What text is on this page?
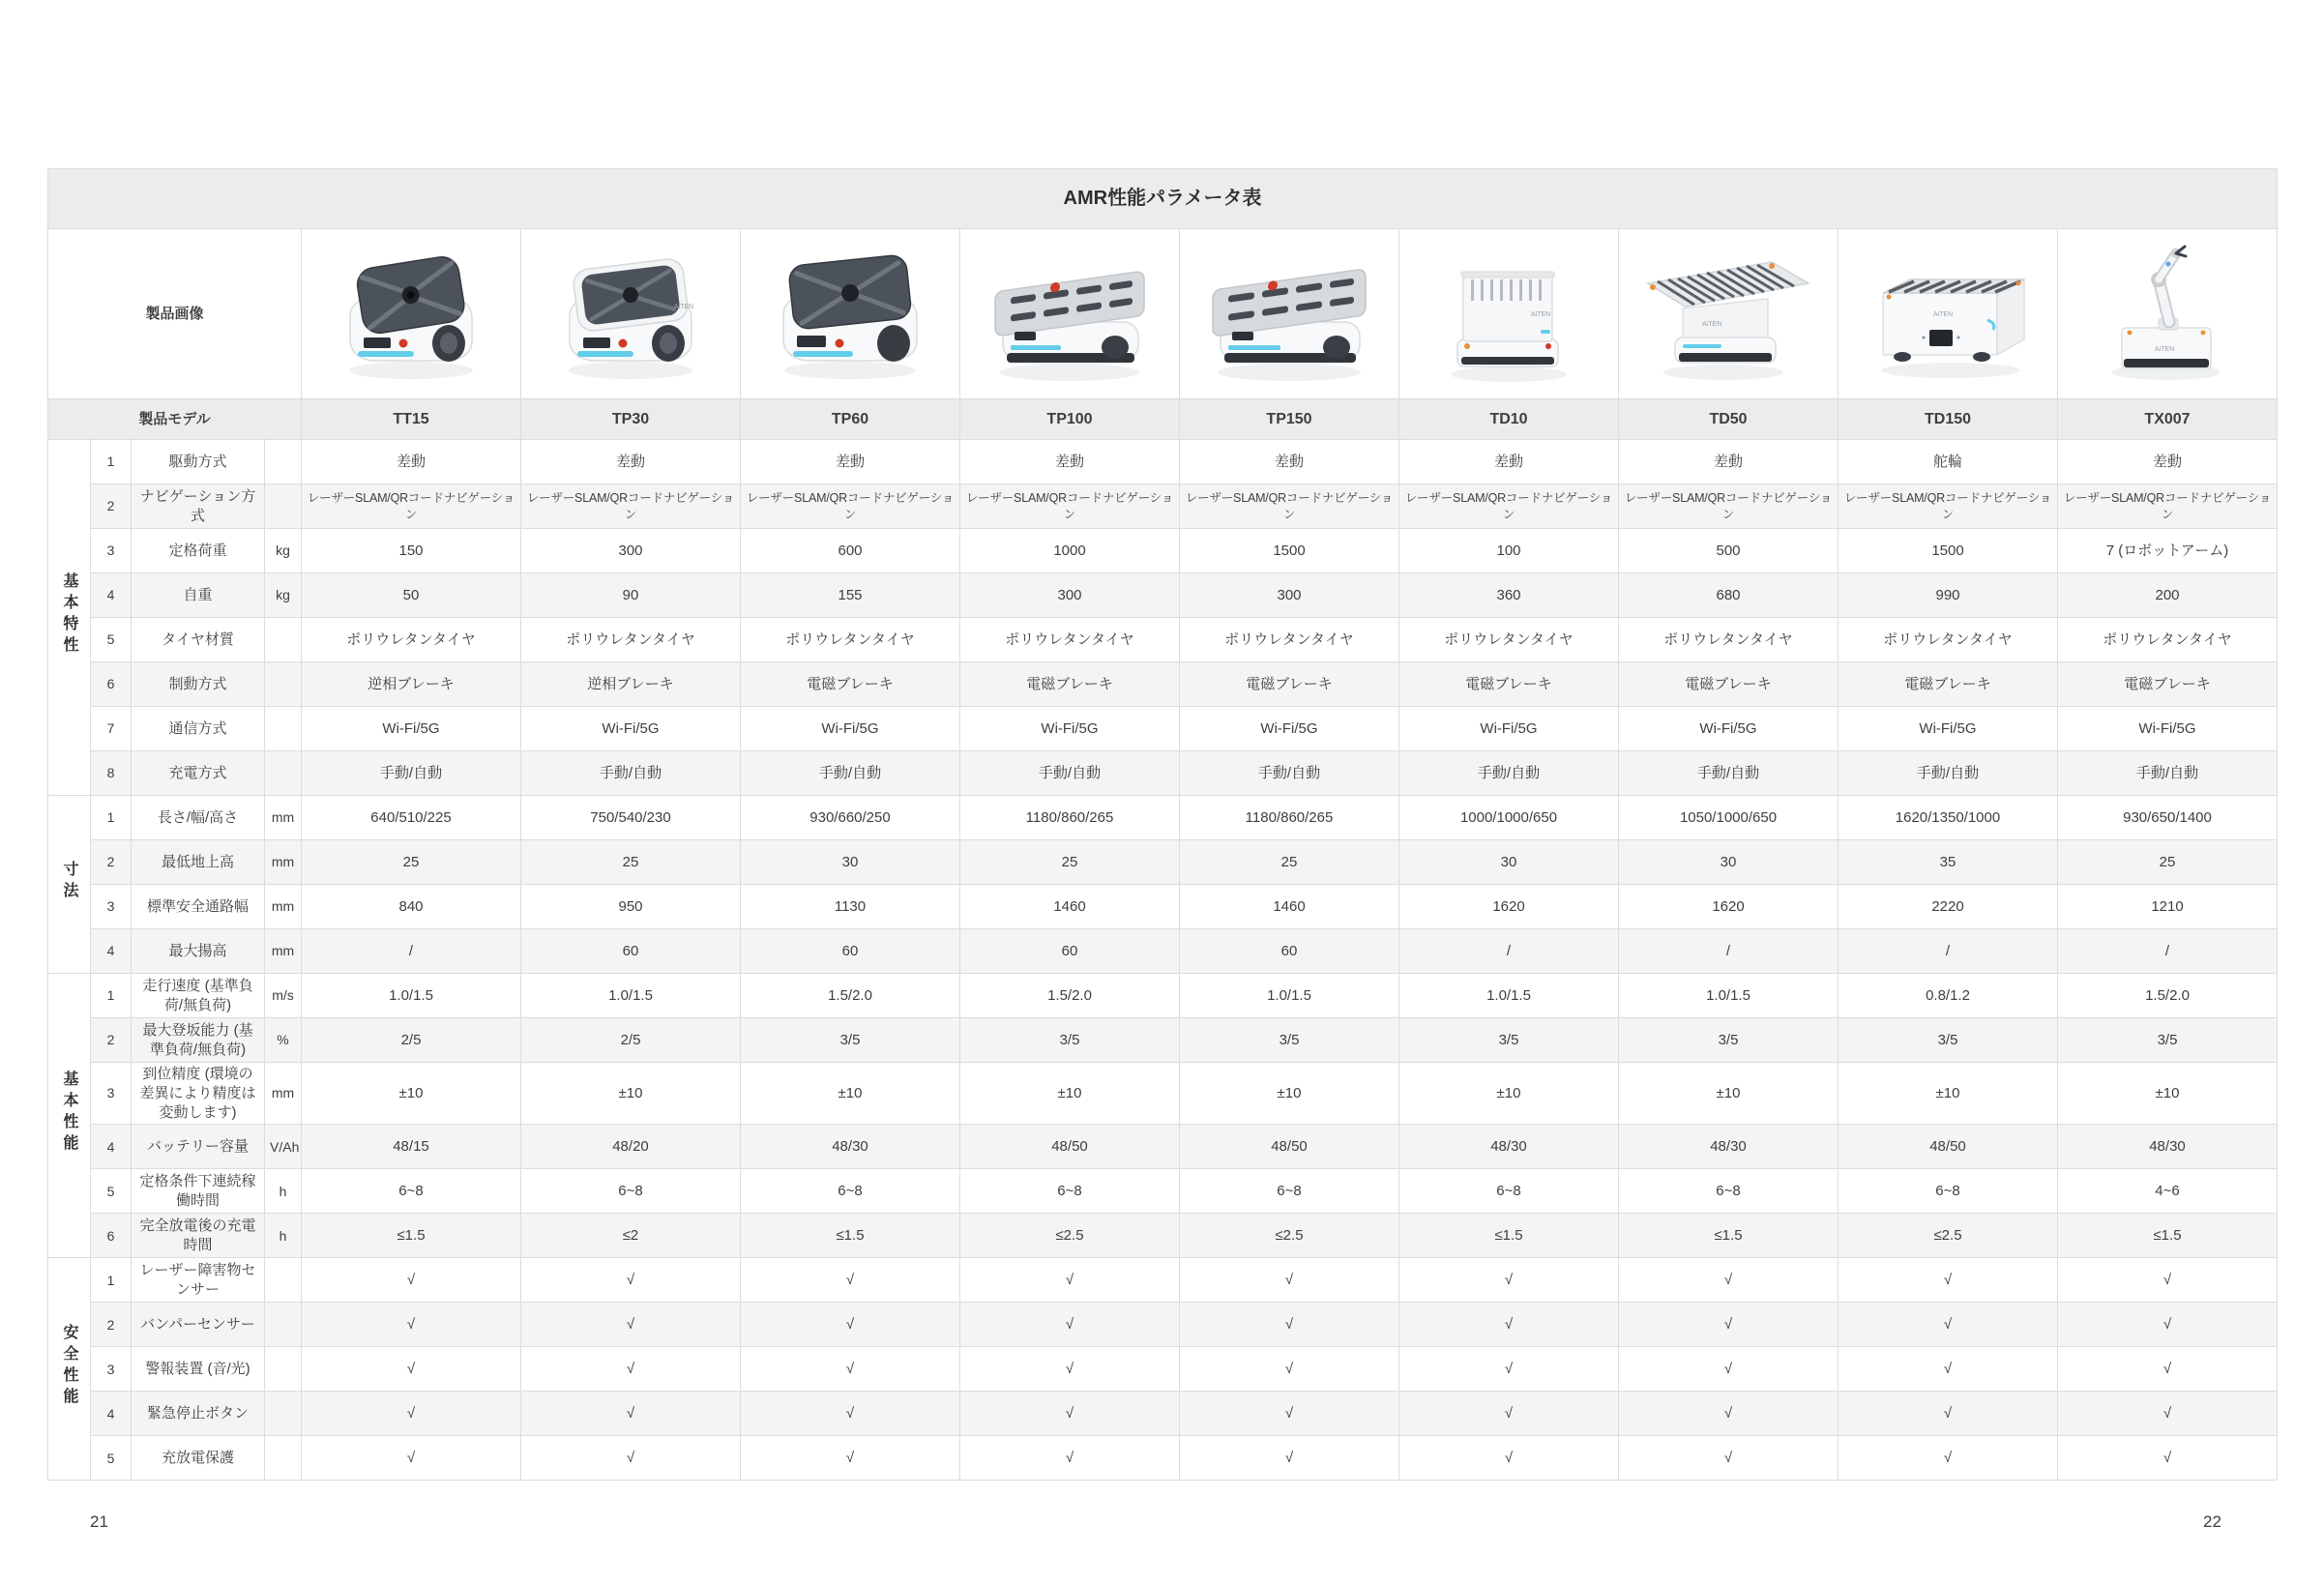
AMR性能パラメータ表												
製品画像					AiTEN				AiTEN	AiTEN	AiTEN	AiTEN

製品モデル				TT15	TP30	TP60	TP100	TP150	TD10	TD50	TD150	TX007
基本特性	1	駆動方式		差動	差動	差動	差動	差動	差動	差動	舵輪	差動
	2	ナビゲーション方式		レーザーSLAM/QRコードナビゲーション	レーザーSLAM/QRコードナビゲーション	レーザーSLAM/QRコードナビゲーション	レーザーSLAM/QRコードナビゲーション	レーザーSLAM/QRコードナビゲーション	レーザーSLAM/QRコードナビゲーション	レーザーSLAM/QRコードナビゲーション	レーザーSLAM/QRコードナビゲーション	レーザーSLAM/QRコードナビゲーション
	3	定格荷重	kg	150	300	600	1000	1500	100	500	1500	7 (ロボットアーム)
	4	自重	kg	50	90	155	300	300	360	680	990	200
	5	タイヤ材質		ポリウレタンタイヤ	ポリウレタンタイヤ	ポリウレタンタイヤ	ポリウレタンタイヤ	ポリウレタンタイヤ	ポリウレタンタイヤ	ポリウレタンタイヤ	ポリウレタンタイヤ	ポリウレタンタイヤ
	6	制動方式		逆相ブレーキ	逆相ブレーキ	電磁ブレーキ	電磁ブレーキ	電磁ブレーキ	電磁ブレーキ	電磁ブレーキ	電磁ブレーキ	電磁ブレーキ
	7	通信方式		Wi-Fi/5G	Wi-Fi/5G	Wi-Fi/5G	Wi-Fi/5G	Wi-Fi/5G	Wi-Fi/5G	Wi-Fi/5G	Wi-Fi/5G	Wi-Fi/5G
	8	充電方式		手動/自動	手動/自動	手動/自動	手動/自動	手動/自動	手動/自動	手動/自動	手動/自動	手動/自動
寸法	1	長さ/幅/高さ	mm	640/510/225	750/540/230	930/660/250	1180/860/265	1180/860/265	1000/1000/650	1050/1000/650	1620/1350/1000	930/650/1400
	2	最低地上高	mm	25	25	30	25	25	30	30	35	25
	3	標準安全通路幅	mm	840	950	1130	1460	1460	1620	1620	2220	1210
	4	最大揚高	mm	/	60	60	60	60	/	/	/	/
基本性能	1	走行速度 (基準負荷/無負荷)	m/s	1.0/1.5	1.0/1.5	1.5/2.0	1.5/2.0	1.0/1.5	1.0/1.5	1.0/1.5	0.8/1.2	1.5/2.0
	2	最大登坂能力 (基準負荷/無負荷)	%	2/5	2/5	3/5	3/5	3/5	3/5	3/5	3/5	3/5
	3	到位精度 (環境の差異により精度は変動します)	mm	±10	±10	±10	±10	±10	±10	±10	±10	±10
	4	バッテリー容量	V/Ah	48/15	48/20	48/30	48/50	48/50	48/30	48/30	48/50	48/30
	5	定格条件下連続稼働時間	h	6~8	6~8	6~8	6~8	6~8	6~8	6~8	6~8	4~6
	6	完全放電後の充電時間	h	≤1.5	≤2	≤1.5	≤2.5	≤2.5	≤1.5	≤1.5	≤2.5	≤1.5
安全性能	1	レーザー障害物センサー		√	√	√	√	√	√	√	√	√
	2	バンパーセンサー		√	√	√	√	√	√	√	√	√
	3	警報装置 (音/光)		√	√	√	√	√	√	√	√	√
	4	緊急停止ボタン		√	√	√	√	√	√	√	√	√
	5	充放電保護		√	√	√	√	√	√	√	√	√
21	22
